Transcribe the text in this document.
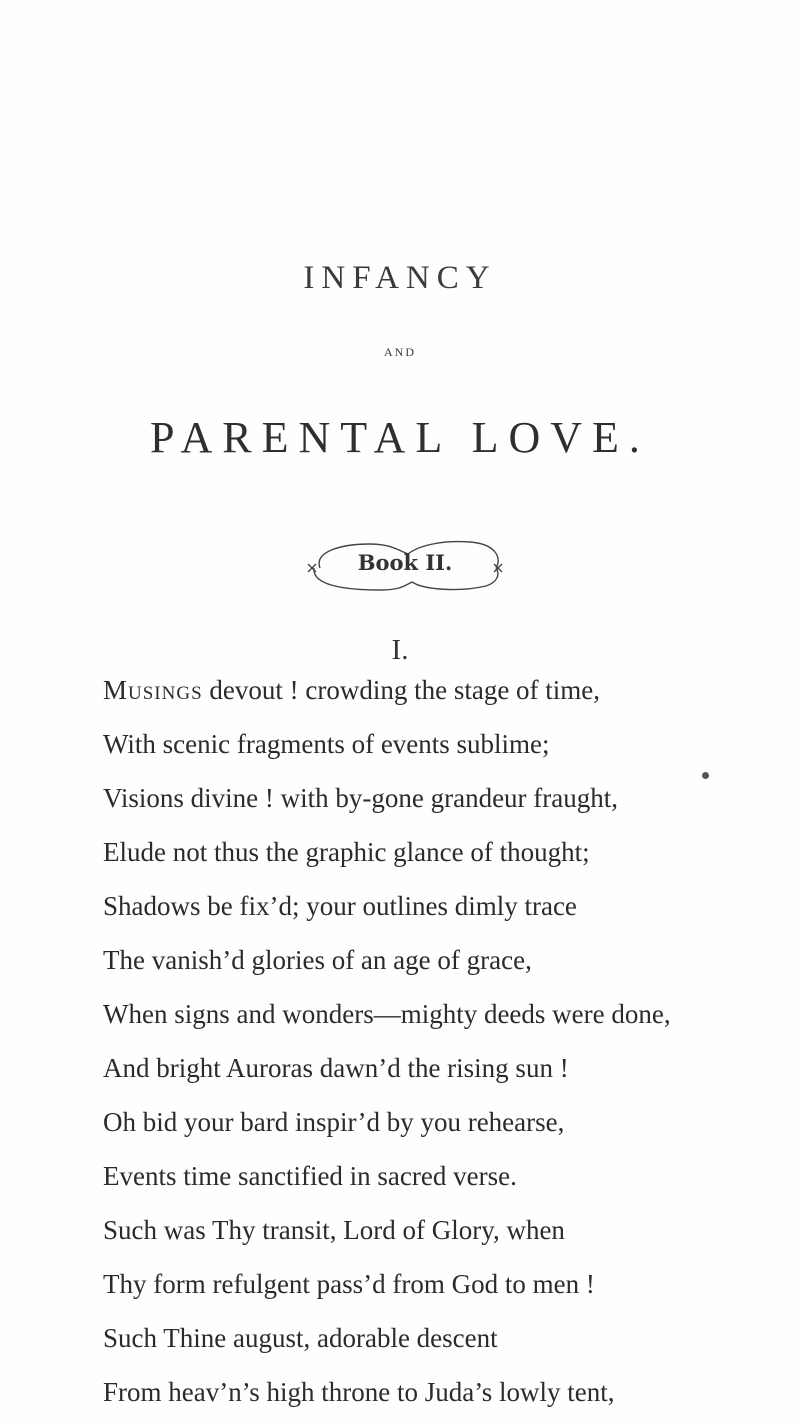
INFANCY
AND
PARENTAL LOVE.
Book II.
I.
Musings devout ! crowding the stage of time,
With scenic fragments of events sublime;
Visions divine ! with by-gone grandeur fraught,
Elude not thus the graphic glance of thought;
Shadows be fix’d; your outlines dimly trace
The vanish’d glories of an age of grace,
When signs and wonders—mighty deeds were done,
And bright Auroras dawn’d the rising sun !
Oh bid your bard inspir’d by you rehearse,
Events time sanctified in sacred verse.
Such was Thy transit, Lord of Glory, when
Thy form refulgent pass’d from God to men !
Such Thine august, adorable descent
From heav’n’s high throne to Juda’s lowly tent,
